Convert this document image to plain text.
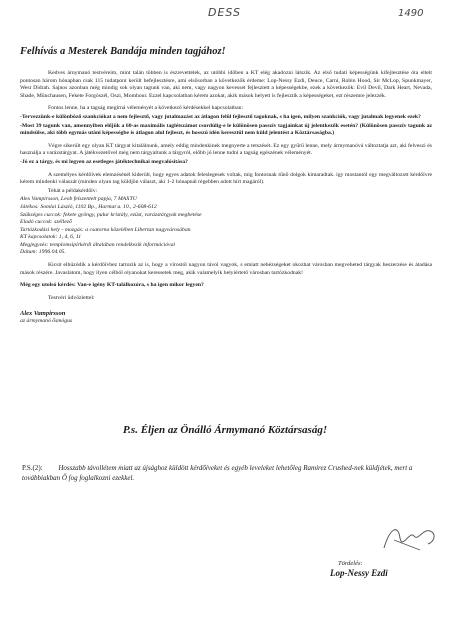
DESS	1490
Felhívás a Mesterek Bandája minden tagjához!

Kedves árnymanó testvéreim, mint talán többen is észrevettétek, az utóbbi időben a KT elég akadozni látszik. Az első tudati képességünk kifejlesztése óta eltelt pontosan három hónapban csak 115 tudatpont került befejlesztésre, ami elsősorban a következők érdeme: Lop-Nessy Ezdi, Deuce, Carni, Robin Hood, Sir McLop, Spunkmayer, West Didrah. Sajnos azonban még mindig sok olyan tagunk van, aki nem, vagy nagyon kevesset fejlesztett a képességekbe, ezek a következők: Evil Devil, Dark Heart, Nevada, Shade, Münchausen, Fekete Forgószél, Oszi, Momhour. Ezzel kapcsolatban kérem azokat, akik mások helyett is fejlesztik a képességeket, ezt részemre jelezzék.

Fontos lenne, ha a tagság megírná véleményét a következő kérdésekkel kapcsolatban:

-Tervezzünk-e különböző szankciókat a nem fejlesztő, vagy jutalmazást az átlagon felül fejlesztő tagoknak, s ha igen, milyen szankciók, vagy jutalmak legyenek ezek?

-Most 39 tagunk van, amennyiben előjük a 60-as maximális taglétszámot csordúlig-e le különösen passzív tagjainkat új jelentkezők esetén? (Különösen passzív tagunk az mindsülse, aki több egymás utáni képességbe is átlagon alul fejleszt, és hosszú idén keresztül nem küld jelentést a Köztársaságba.)

Végre sikerült egy olyan KT tárgyat kitalálnunk, amely eddig mindenkinek megnyerte a tetszését. Ez egy gyűrű lenne, mely ármymanóvá változtatja azt, aki felveszi és használja a varázstárgyat. A játékvezetővel még nem tárgyaltunk a tárgyról, előbb jó lenne tudni a tagság egészének véleményét.

-Jó ez a tárgy, és mi legyen az esetleges játéktechnikai megvalósítása?

A személyes kérdőívek elemzésénél kiderült, hogy egyes adatok feleslegesek voltak, míg fontosnak tűnő dolgok kimaradtak. így mostantól egy megváltozott kérdőívre kérem mindenki válaszát (minden olyan tag küldjön választ, aki 1-2 hónapnál régebben adott hírt magáról).

Tehát a példakérdőív:

Alex Vampirsson, Leob felszentelt papja, 7 MAXTU
Játékos: Somlai László, 1102 Bp., Harmat u. 10., 2-608-612
Szükséges cuccok: fekete gyöngy, pulur kristály, ezüst, varázstárgyak megbetése
Eladó cuccok: széllező
Tartózkodási hely - mozgás: a csatorna közelében Libertan nagyvárosában
KT kapcsolatok: 1, 4, 6, 11
Megjegyzés: templomsipírkérdi általában rendelkezik információval
Dátum: 1996.04.05.

Kicsit elhúzódik a kérdőívhez tartozik az is, hogy a vírostól nagyon távol vagyok, s emiatt nehézségeket okozhat városban megveheted tárgyak beszerzése és átadása mások részére. Javaslatom, hogy ilyen célból olyanokat keressetek meg, akik valamelyik helyiértető városban tartózkodnak!

Még egy utolsó kérdés: Van-e igény KT-találkozóra, s ha igen mikor legyen?

Testvéri üdvözlettel:

Alex Vampirsson
az ármymanó ősmógus
P.s. Éljen az Önálló Ármymanó Köztársaság!
P.S.(2): Hosszabb távollétem miatt az újsághoz küldött kérdőíveket és egyéb leveleket lehetőleg Ramirez Crushed-nek küldjétek, mert a továbbiakban Ő fog foglalkozni ezekkel.
Tördelés:
Lop-Nessy Ezdi
